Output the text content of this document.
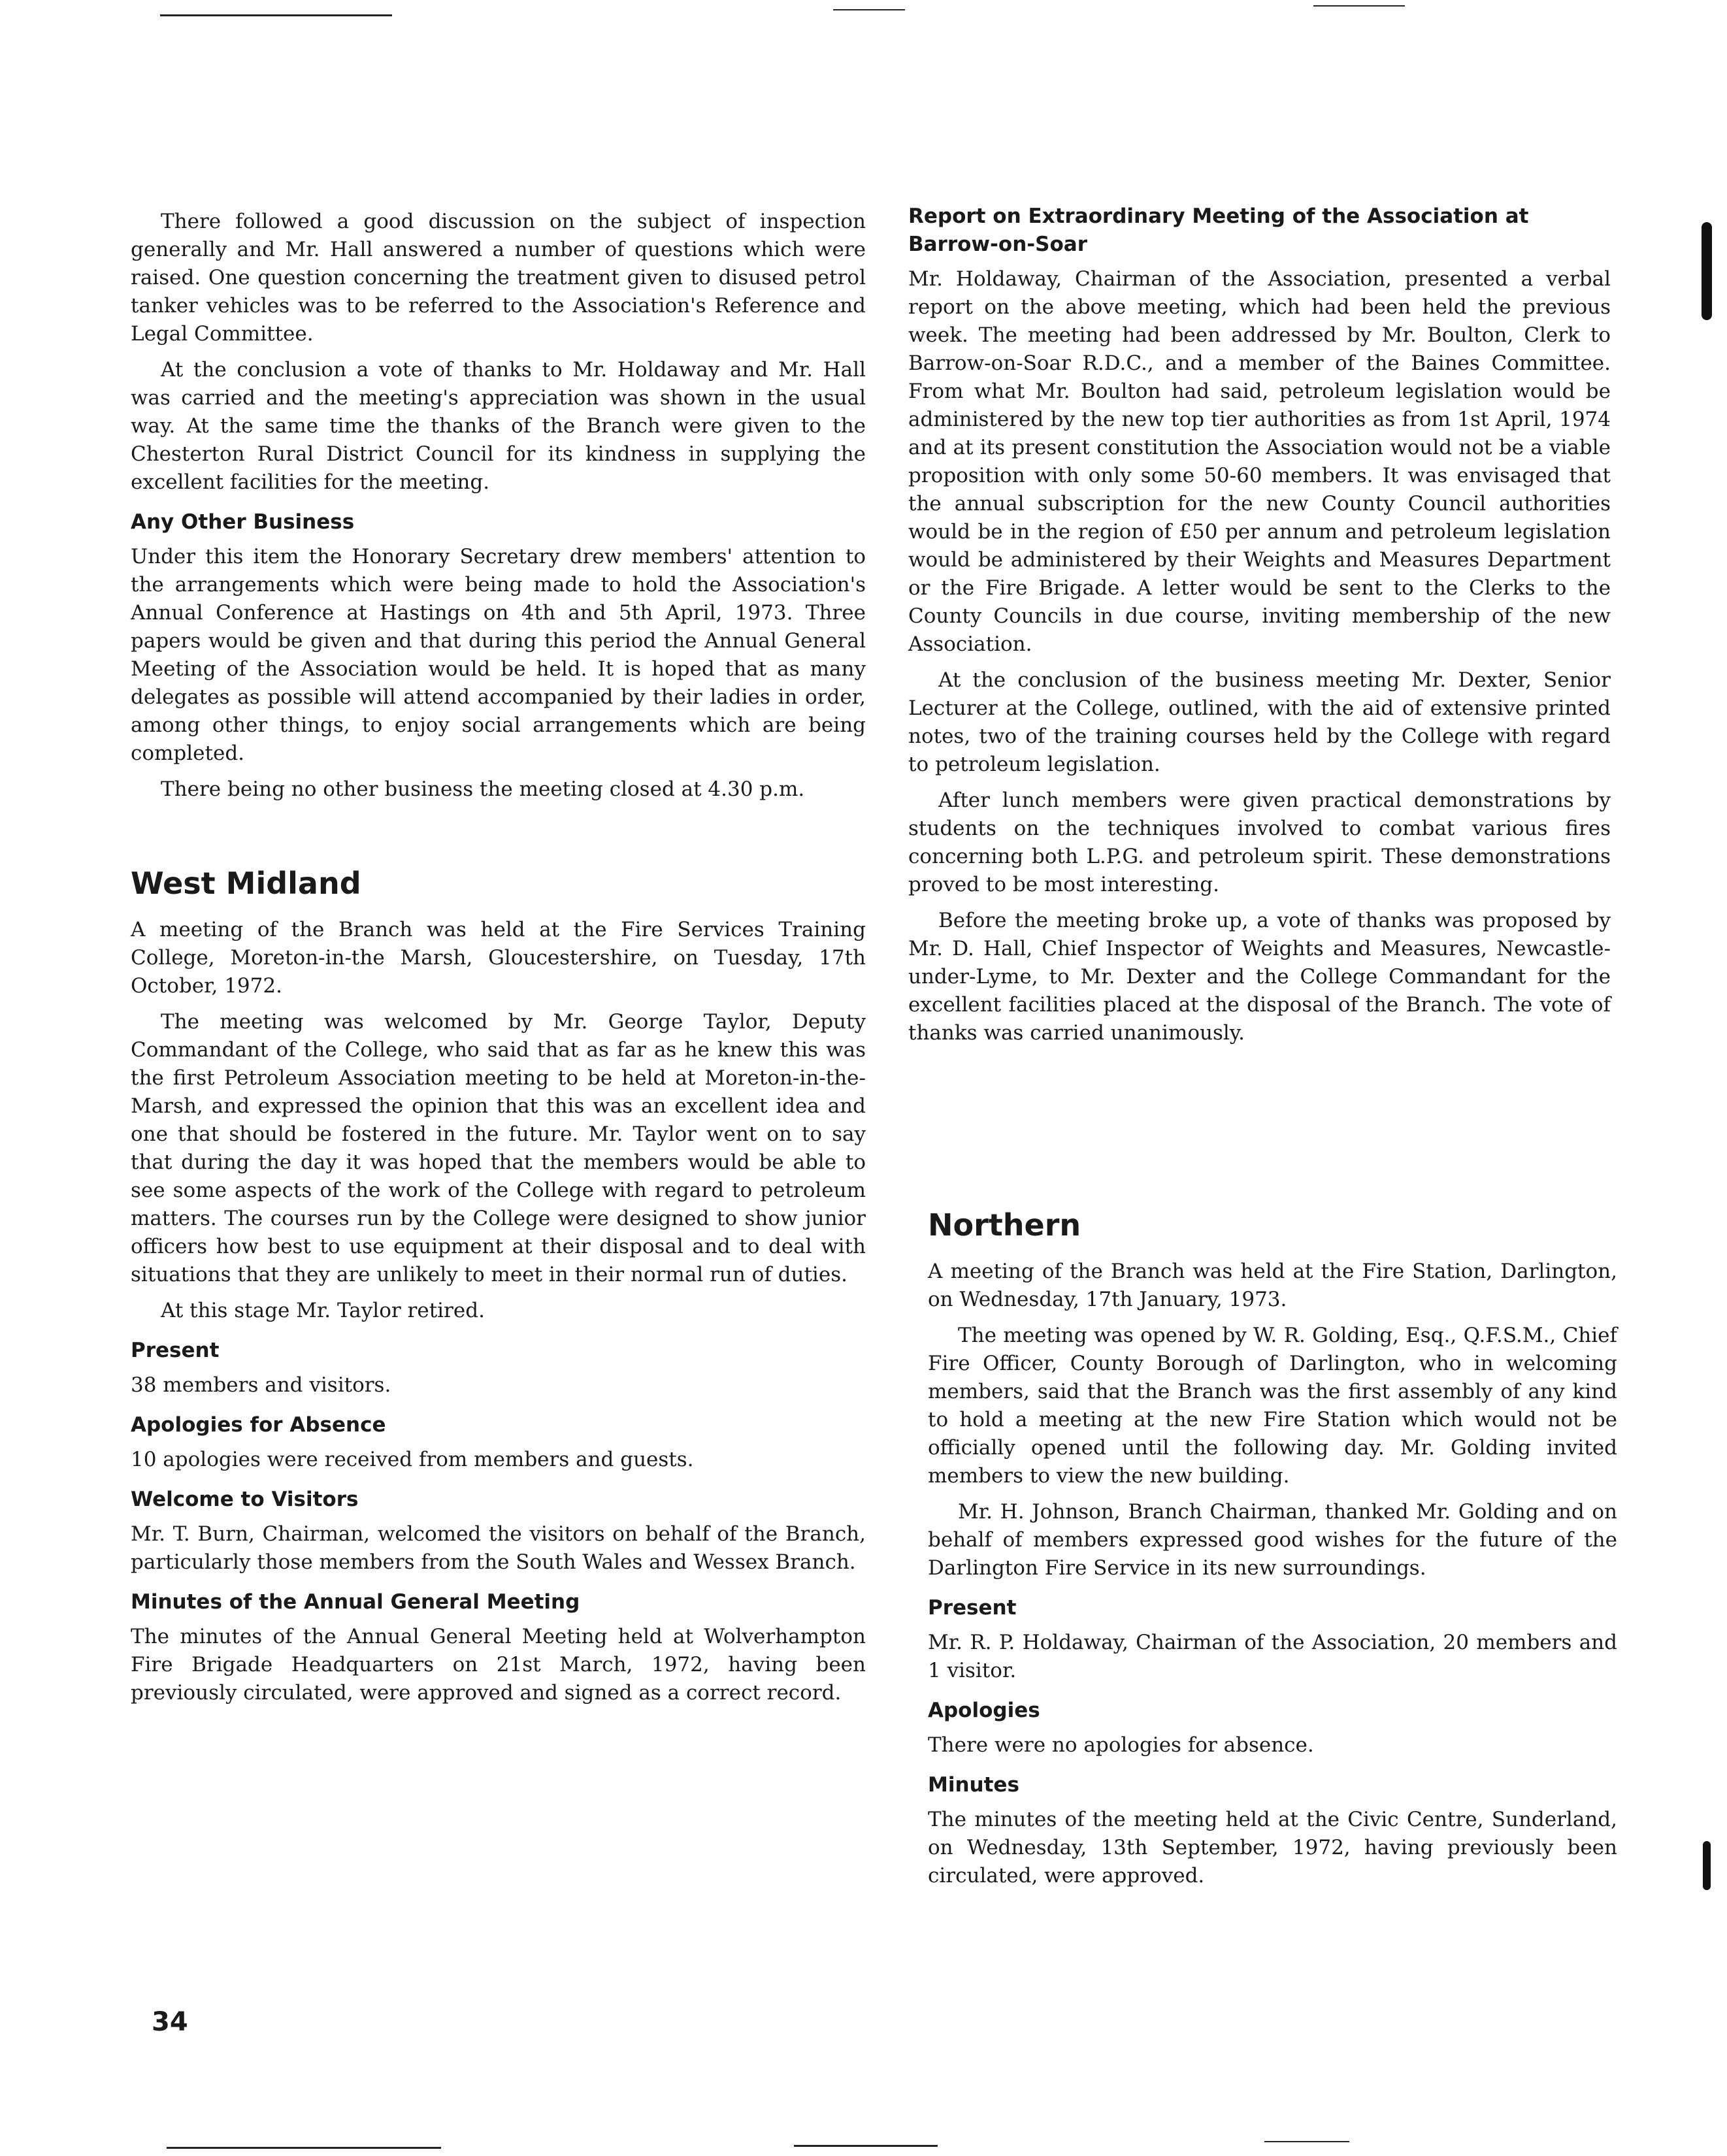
There followed a good discussion on the subject of inspection generally and Mr. Hall answered a number of questions which were raised. One question concerning the treatment given to disused petrol tanker vehicles was to be referred to the Association's Reference and Legal Committee.

At the conclusion a vote of thanks to Mr. Holdaway and Mr. Hall was carried and the meeting's appreciation was shown in the usual way. At the same time the thanks of the Branch were given to the Chesterton Rural District Council for its kindness in supplying the excellent facilities for the meeting.

Any Other Business

Under this item the Honorary Secretary drew members' attention to the arrangements which were being made to hold the Association's Annual Conference at Hastings on 4th and 5th April, 1973. Three papers would be given and that during this period the Annual General Meeting of the Association would be held. It is hoped that as many delegates as possible will attend accompanied by their ladies in order, among other things, to enjoy social arrangements which are being completed.

There being no other business the meeting closed at 4.30 p.m.

West Midland

A meeting of the Branch was held at the Fire Services Training College, Moreton-in-the Marsh, Gloucestershire, on Tuesday, 17th October, 1972.

The meeting was welcomed by Mr. George Taylor, Deputy Commandant of the College, who said that as far as he knew this was the first Petroleum Association meeting to be held at Moreton-in-the-Marsh, and expressed the opinion that this was an excellent idea and one that should be fostered in the future. Mr. Taylor went on to say that during the day it was hoped that the members would be able to see some aspects of the work of the College with regard to petroleum matters. The courses run by the College were designed to show junior officers how best to use equipment at their disposal and to deal with situations that they are unlikely to meet in their normal run of duties.

At this stage Mr. Taylor retired.

Present

38 members and visitors.

Apologies for Absence

10 apologies were received from members and guests.

Welcome to Visitors

Mr. T. Burn, Chairman, welcomed the visitors on behalf of the Branch, particularly those members from the South Wales and Wessex Branch.

Minutes of the Annual General Meeting

The minutes of the Annual General Meeting held at Wolverhampton Fire Brigade Headquarters on 21st March, 1972, having been previously circulated, were approved and signed as a correct record.

Report on Extraordinary Meeting of the Association at Barrow-on-Soar

Mr. Holdaway, Chairman of the Association, presented a verbal report on the above meeting, which had been held the previous week. The meeting had been addressed by Mr. Boulton, Clerk to Barrow-on-Soar R.D.C., and a member of the Baines Committee. From what Mr. Boulton had said, petroleum legislation would be administered by the new top tier authorities as from 1st April, 1974 and at its present constitution the Association would not be a viable proposition with only some 50-60 members. It was envisaged that the annual subscription for the new County Council authorities would be in the region of £50 per annum and petroleum legislation would be administered by their Weights and Measures Department or the Fire Brigade. A letter would be sent to the Clerks to the County Councils in due course, inviting membership of the new Association.

At the conclusion of the business meeting Mr. Dexter, Senior Lecturer at the College, outlined, with the aid of extensive printed notes, two of the training courses held by the College with regard to petroleum legislation.

After lunch members were given practical demonstrations by students on the techniques involved to combat various fires concerning both L.P.G. and petroleum spirit. These demonstrations proved to be most interesting.

Before the meeting broke up, a vote of thanks was proposed by Mr. D. Hall, Chief Inspector of Weights and Measures, Newcastle-under-Lyme, to Mr. Dexter and the College Commandant for the excellent facilities placed at the disposal of the Branch. The vote of thanks was carried unanimously.

Northern

A meeting of the Branch was held at the Fire Station, Darlington, on Wednesday, 17th January, 1973.

The meeting was opened by W. R. Golding, Esq., Q.F.S.M., Chief Fire Officer, County Borough of Darlington, who in welcoming members, said that the Branch was the first assembly of any kind to hold a meeting at the new Fire Station which would not be officially opened until the following day. Mr. Golding invited members to view the new building.

Mr. H. Johnson, Branch Chairman, thanked Mr. Golding and on behalf of members expressed good wishes for the future of the Darlington Fire Service in its new surroundings.

Present

Mr. R. P. Holdaway, Chairman of the Association, 20 members and 1 visitor.

Apologies

There were no apologies for absence.

Minutes

The minutes of the meeting held at the Civic Centre, Sunderland, on Wednesday, 13th September, 1972, having previously been circulated, were approved.

34
